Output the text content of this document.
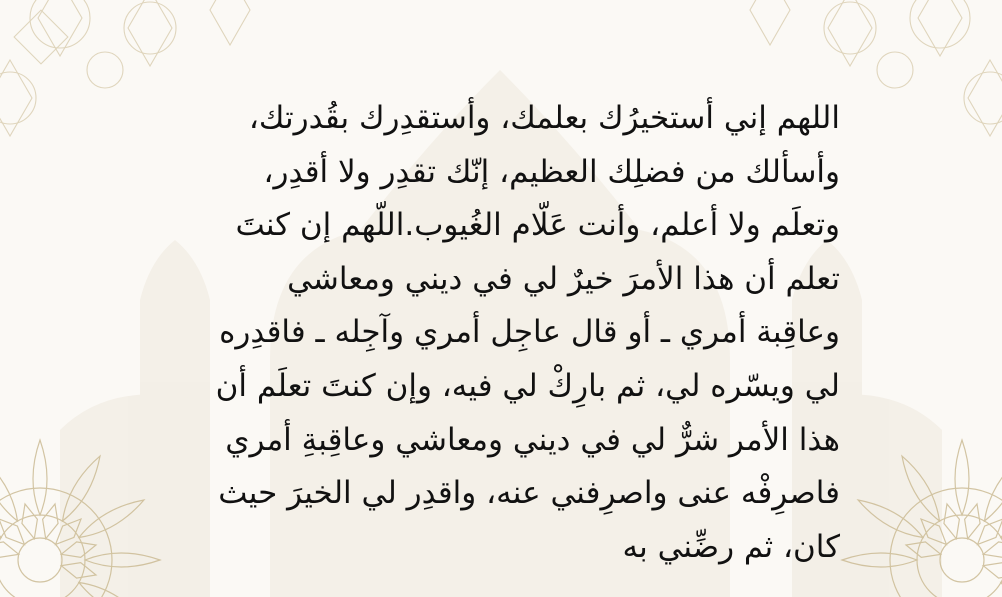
اللهم إني أستخيرُك بعلمك، وأستقدِرك بقُدرتك،
وأسألك من فضلِك العظيم، إنّك تقدِر ولا أقدِر،
وتعلَم ولا أعلم، وأنت عَلّام الغُيوب.اللّهم إن كنتَ
تعلم أن هذا الأمرَ خيرٌ لي في ديني ومعاشي
وعاقِبة أمري ـ أو قال عاجِل أمري وآجِله ـ فاقدِره
لي ويسّره لي، ثم بارِكْ لي فيه، وإن كنتَ تعلَم أن
هذا الأمر شرٌّ لي في ديني ومعاشي وعاقِبةِ أمري
فاصرِفْه عنى واصرِفني عنه، واقدِر لي الخيرَ حيث
كان، ثم رضِّني به
